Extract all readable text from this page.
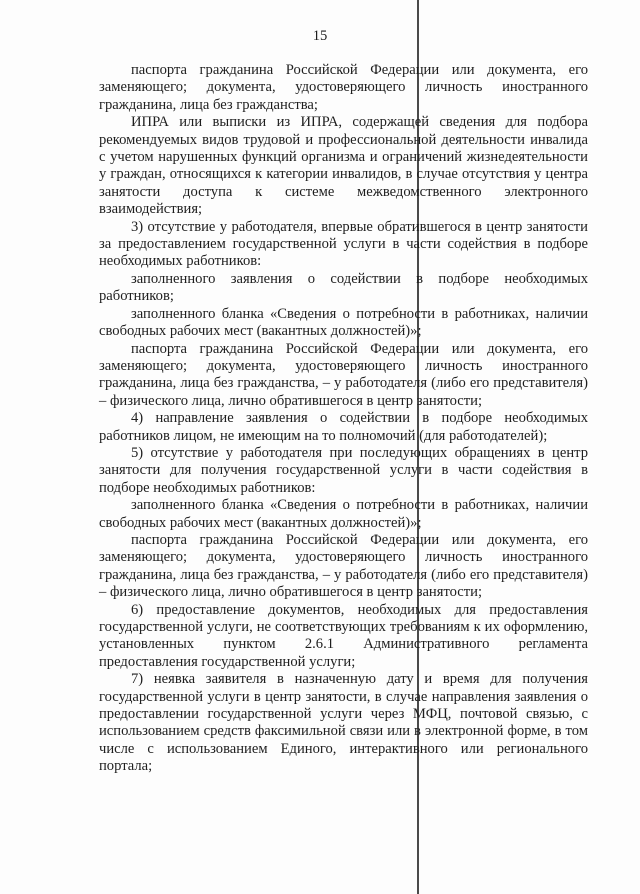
15

паспорта гражданина Российской Федерации или документа, его заменяющего; документа, удостоверяющего личность иностранного гражданина, лица без гражданства;

ИПРА или выписки из ИПРА, содержащей сведения для подбора рекомендуемых видов трудовой и профессиональной деятельности инвалида с учетом нарушенных функций организма и ограничений жизнедеятельности у граждан, относящихся к категории инвалидов, в случае отсутствия у центра занятости доступа к системе межведомственного электронного взаимодействия;

3) отсутствие у работодателя, впервые обратившегося в центр занятости за предоставлением государственной услуги в части содействия в подборе необходимых работников:

заполненного заявления о содействии в подборе необходимых работников;

заполненного бланка «Сведения о потребности в работниках, наличии свободных рабочих мест (вакантных должностей)»;

паспорта гражданина Российской Федерации или документа, его заменяющего; документа, удостоверяющего личность иностранного гражданина, лица без гражданства, – у работодателя (либо его представителя) – физического лица, лично обратившегося в центр занятости;

4) направление заявления о содействии в подборе необходимых работников лицом, не имеющим на то полномочий (для работодателей);

5) отсутствие у работодателя при последующих обращениях в центр занятости для получения государственной услуги в части содействия в подборе необходимых работников:

заполненного бланка «Сведения о потребности в работниках, наличии свободных рабочих мест (вакантных должностей)»;

паспорта гражданина Российской Федерации или документа, его заменяющего; документа, удостоверяющего личность иностранного гражданина, лица без гражданства, – у работодателя (либо его представителя) – физического лица, лично обратившегося в центр занятости;

6) предоставление документов, необходимых для предоставления государственной услуги, не соответствующих требованиям к их оформлению, установленных пунктом 2.6.1 Административного регламента предоставления государственной услуги;

7) неявка заявителя в назначенную дату и время для получения государственной услуги в центр занятости, в случае направления заявления о предоставлении государственной услуги через МФЦ, почтовой связью, с использованием средств факсимильной связи или в электронной форме, в том числе с использованием Единого, интерактивного или регионального портала;
